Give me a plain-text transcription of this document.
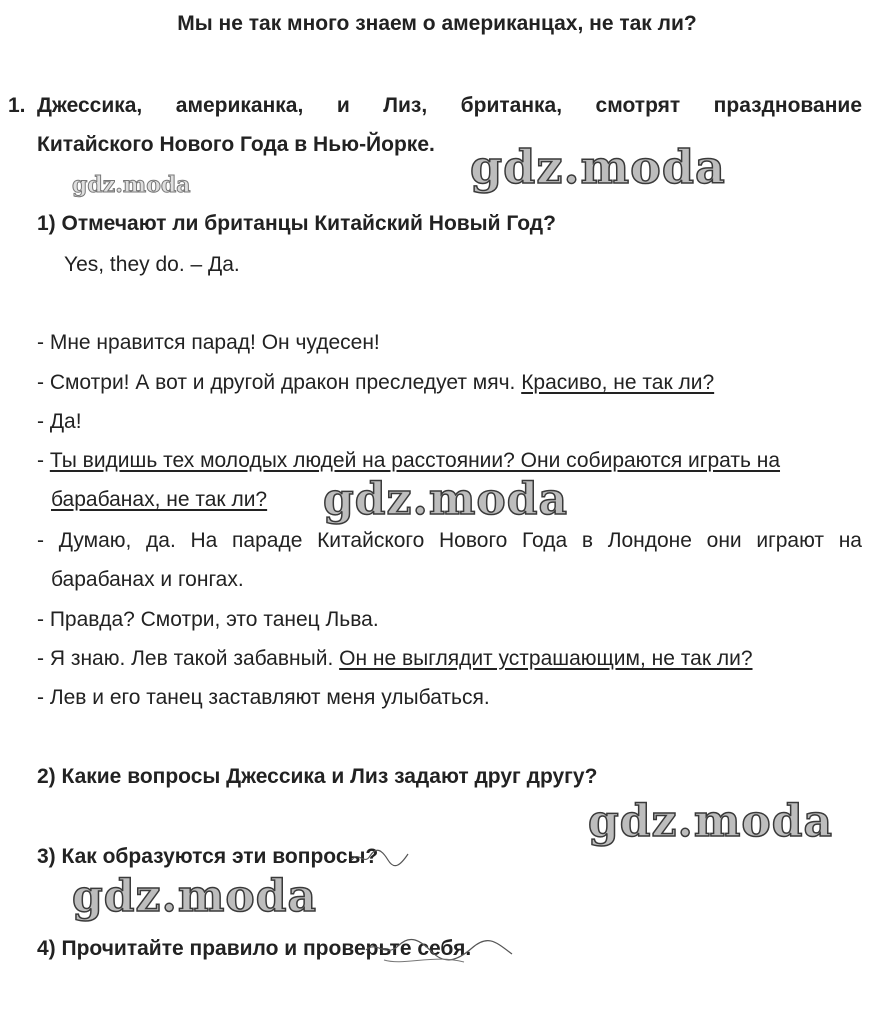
Мы не так много знаем о американцах, не так ли?
1. Джессика, американка, и Лиз, британка, смотрят празднование
Китайского Нового Года в Нью-Йорке.
1) Отмечают ли британцы Китайский Новый Год?
Yes, they do. – Да.
- Мне нравится парад! Он чудесен!
- Смотри! А вот и другой дракон преследует мяч. Красиво, не так ли?
- Да!
- Ты видишь тех молодых людей на расстоянии? Они собираются играть на
барабанах, не так ли?
- Думаю, да. На параде Китайского Нового Года в Лондоне они играют на
барабанах и гонгах.
- Правда? Смотри, это танец Льва.
- Я знаю. Лев такой забавный. Он не выглядит устрашающим, не так ли?
- Лев и его танец заставляют меня улыбаться.
2) Какие вопросы Джессика и Лиз задают друг другу?
3) Как образуются эти вопросы?
4) Прочитайте правило и проверьте себя.
gdz.moda	gdz.moda
gdz.moda
gdz.moda
gdz.moda
